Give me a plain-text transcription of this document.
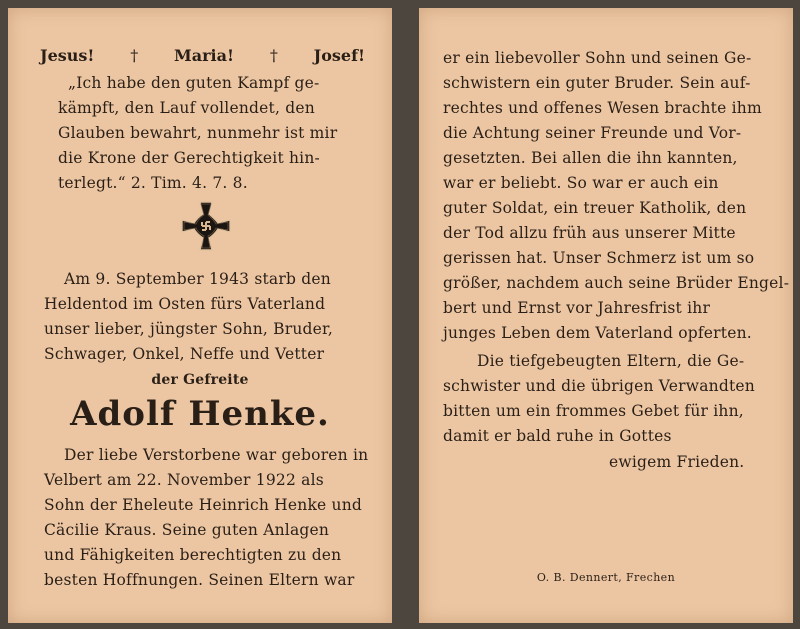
Jesus! † Maria! † Josef!
„Ich habe den guten Kampf ge-
kämpft, den Lauf vollendet, den
Glauben bewahrt, nunmehr ist mir
die Krone der Gerechtigkeit hin-
terlegt.“ 2. Tim. 4. 7. 8.
Am 9. September 1943 starb den
Heldentod im Osten fürs Vaterland
unser lieber, jüngster Sohn, Bruder,
Schwager, Onkel, Neffe und Vetter
der Gefreite
Adolf Henke.
Der liebe Verstorbene war geboren in
Velbert am 22. November 1922 als
Sohn der Eheleute Heinrich Henke und
Cäcilie Kraus. Seine guten Anlagen
und Fähigkeiten berechtigten zu den
besten Hoffnungen. Seinen Eltern war
er ein liebevoller Sohn und seinen Ge-
schwistern ein guter Bruder. Sein auf-
rechtes und offenes Wesen brachte ihm
die Achtung seiner Freunde und Vor-
gesetzten. Bei allen die ihn kannten,
war er beliebt. So war er auch ein
guter Soldat, ein treuer Katholik, den
der Tod allzu früh aus unserer Mitte
gerissen hat. Unser Schmerz ist um so
größer, nachdem auch seine Brüder Engel-
bert und Ernst vor Jahresfrist ihr
junges Leben dem Vaterland opferten.
Die tiefgebeugten Eltern, die Ge-
schwister und die übrigen Verwandten
bitten um ein frommes Gebet für ihn,
damit er bald ruhe in Gottes
ewigem Frieden.
O. B. Dennert, Frechen
